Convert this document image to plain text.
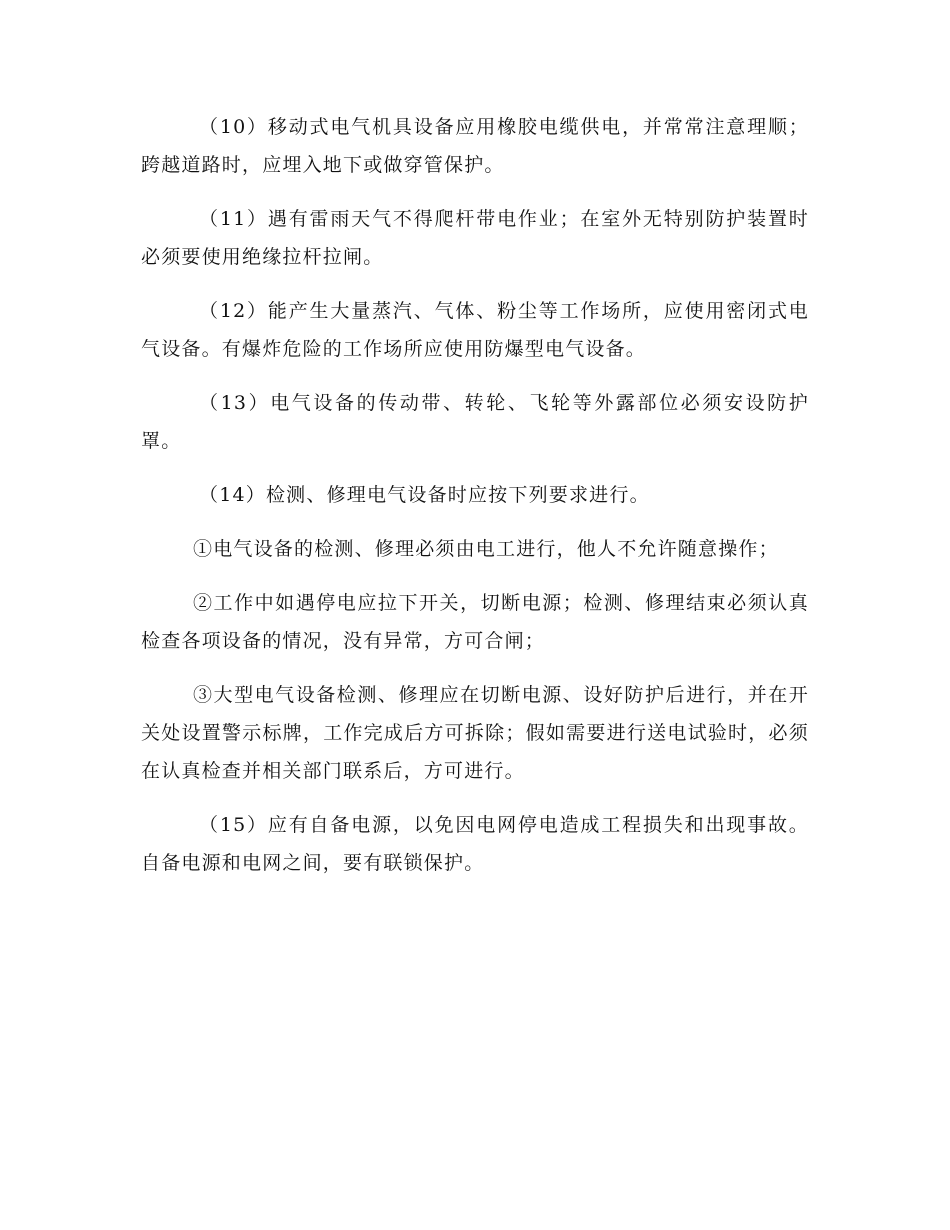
（10）移动式电气机具设备应用橡胶电缆供电，并常常注意理顺；跨越道路时，应埋入地下或做穿管保护。

（11）遇有雷雨天气不得爬杆带电作业；在室外无特别防护装置时必须要使用绝缘拉杆拉闸。

（12）能产生大量蒸汽、气体、粉尘等工作场所，应使用密闭式电气设备。有爆炸危险的工作场所应使用防爆型电气设备。

（13）电气设备的传动带、转轮、飞轮等外露部位必须安设防护罩。

（14）检测、修理电气设备时应按下列要求进行。

①电气设备的检测、修理必须由电工进行，他人不允许随意操作；

②工作中如遇停电应拉下开关，切断电源；检测、修理结束必须认真检查各项设备的情况，没有异常，方可合闸；

③大型电气设备检测、修理应在切断电源、设好防护后进行，并在开关处设置警示标牌，工作完成后方可拆除；假如需要进行送电试验时，必须在认真检查并相关部门联系后，方可进行。

（15）应有自备电源，以免因电网停电造成工程损失和出现事故。自备电源和电网之间，要有联锁保护。
